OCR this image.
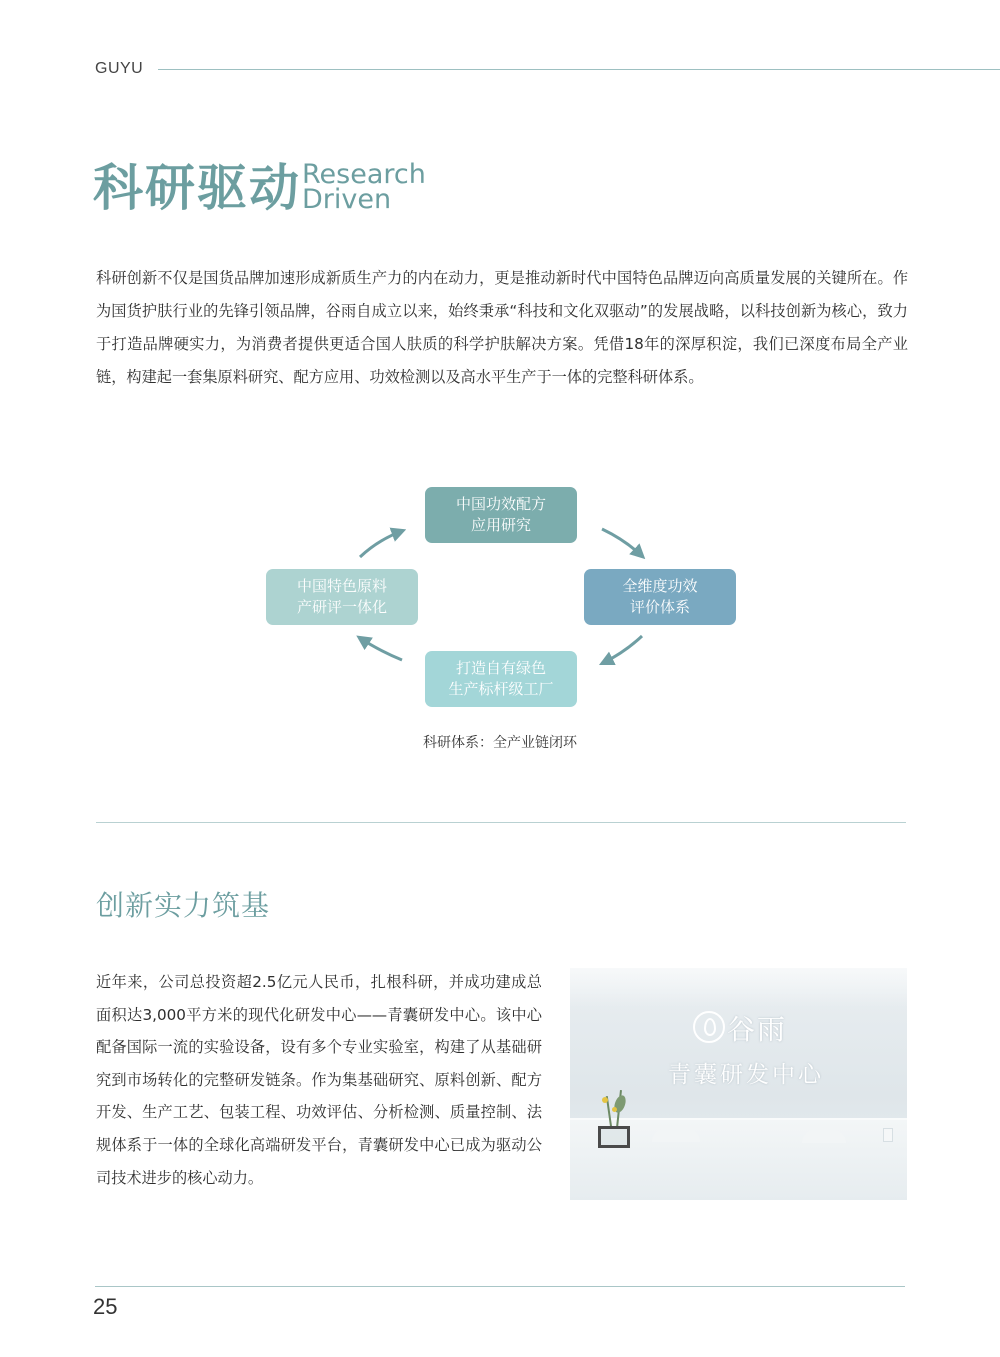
GUYU
科研驱动 Research
Driven

科研创新不仅是国货品牌加速形成新质生产力的内在动力，更是推动新时代中国特色品牌迈向高质量发展的关键所在。作为国货护肤行业的先锋引领品牌，谷雨自成立以来，始终秉承“科技和文化双驱动”的发展战略，以科技创新为核心，致力于打造品牌硬实力，为消费者提供更适合国人肤质的科学护肤解决方案。凭借18年的深厚积淀，我们已深度布局全产业链，构建起一套集原料研究、配方应用、功效检测以及高水平生产于一体的完整科研体系。

中国功效配方
应用研究
全维度功效
评价体系
打造自有绿色
生产标杆级工厂
中国特色原料
产研评一体化
科研体系：全产业链闭环
创新实力筑基

近年来，公司总投资超2.5亿元人民币，扎根科研，并成功建成总面积达3,000平方米的现代化研发中心——青囊研发中心。该中心配备国际一流的实验设备，设有多个专业实验室，构建了从基础研究到市场转化的完整研发链条。作为集基础研究、原料创新、配方开发、生产工艺、包装工程、功效评估、分析检测、质量控制、法规体系于一体的全球化高端研发平台，青囊研发中心已成为驱动公司技术进步的核心动力。

谷雨
青囊研发中心
25
